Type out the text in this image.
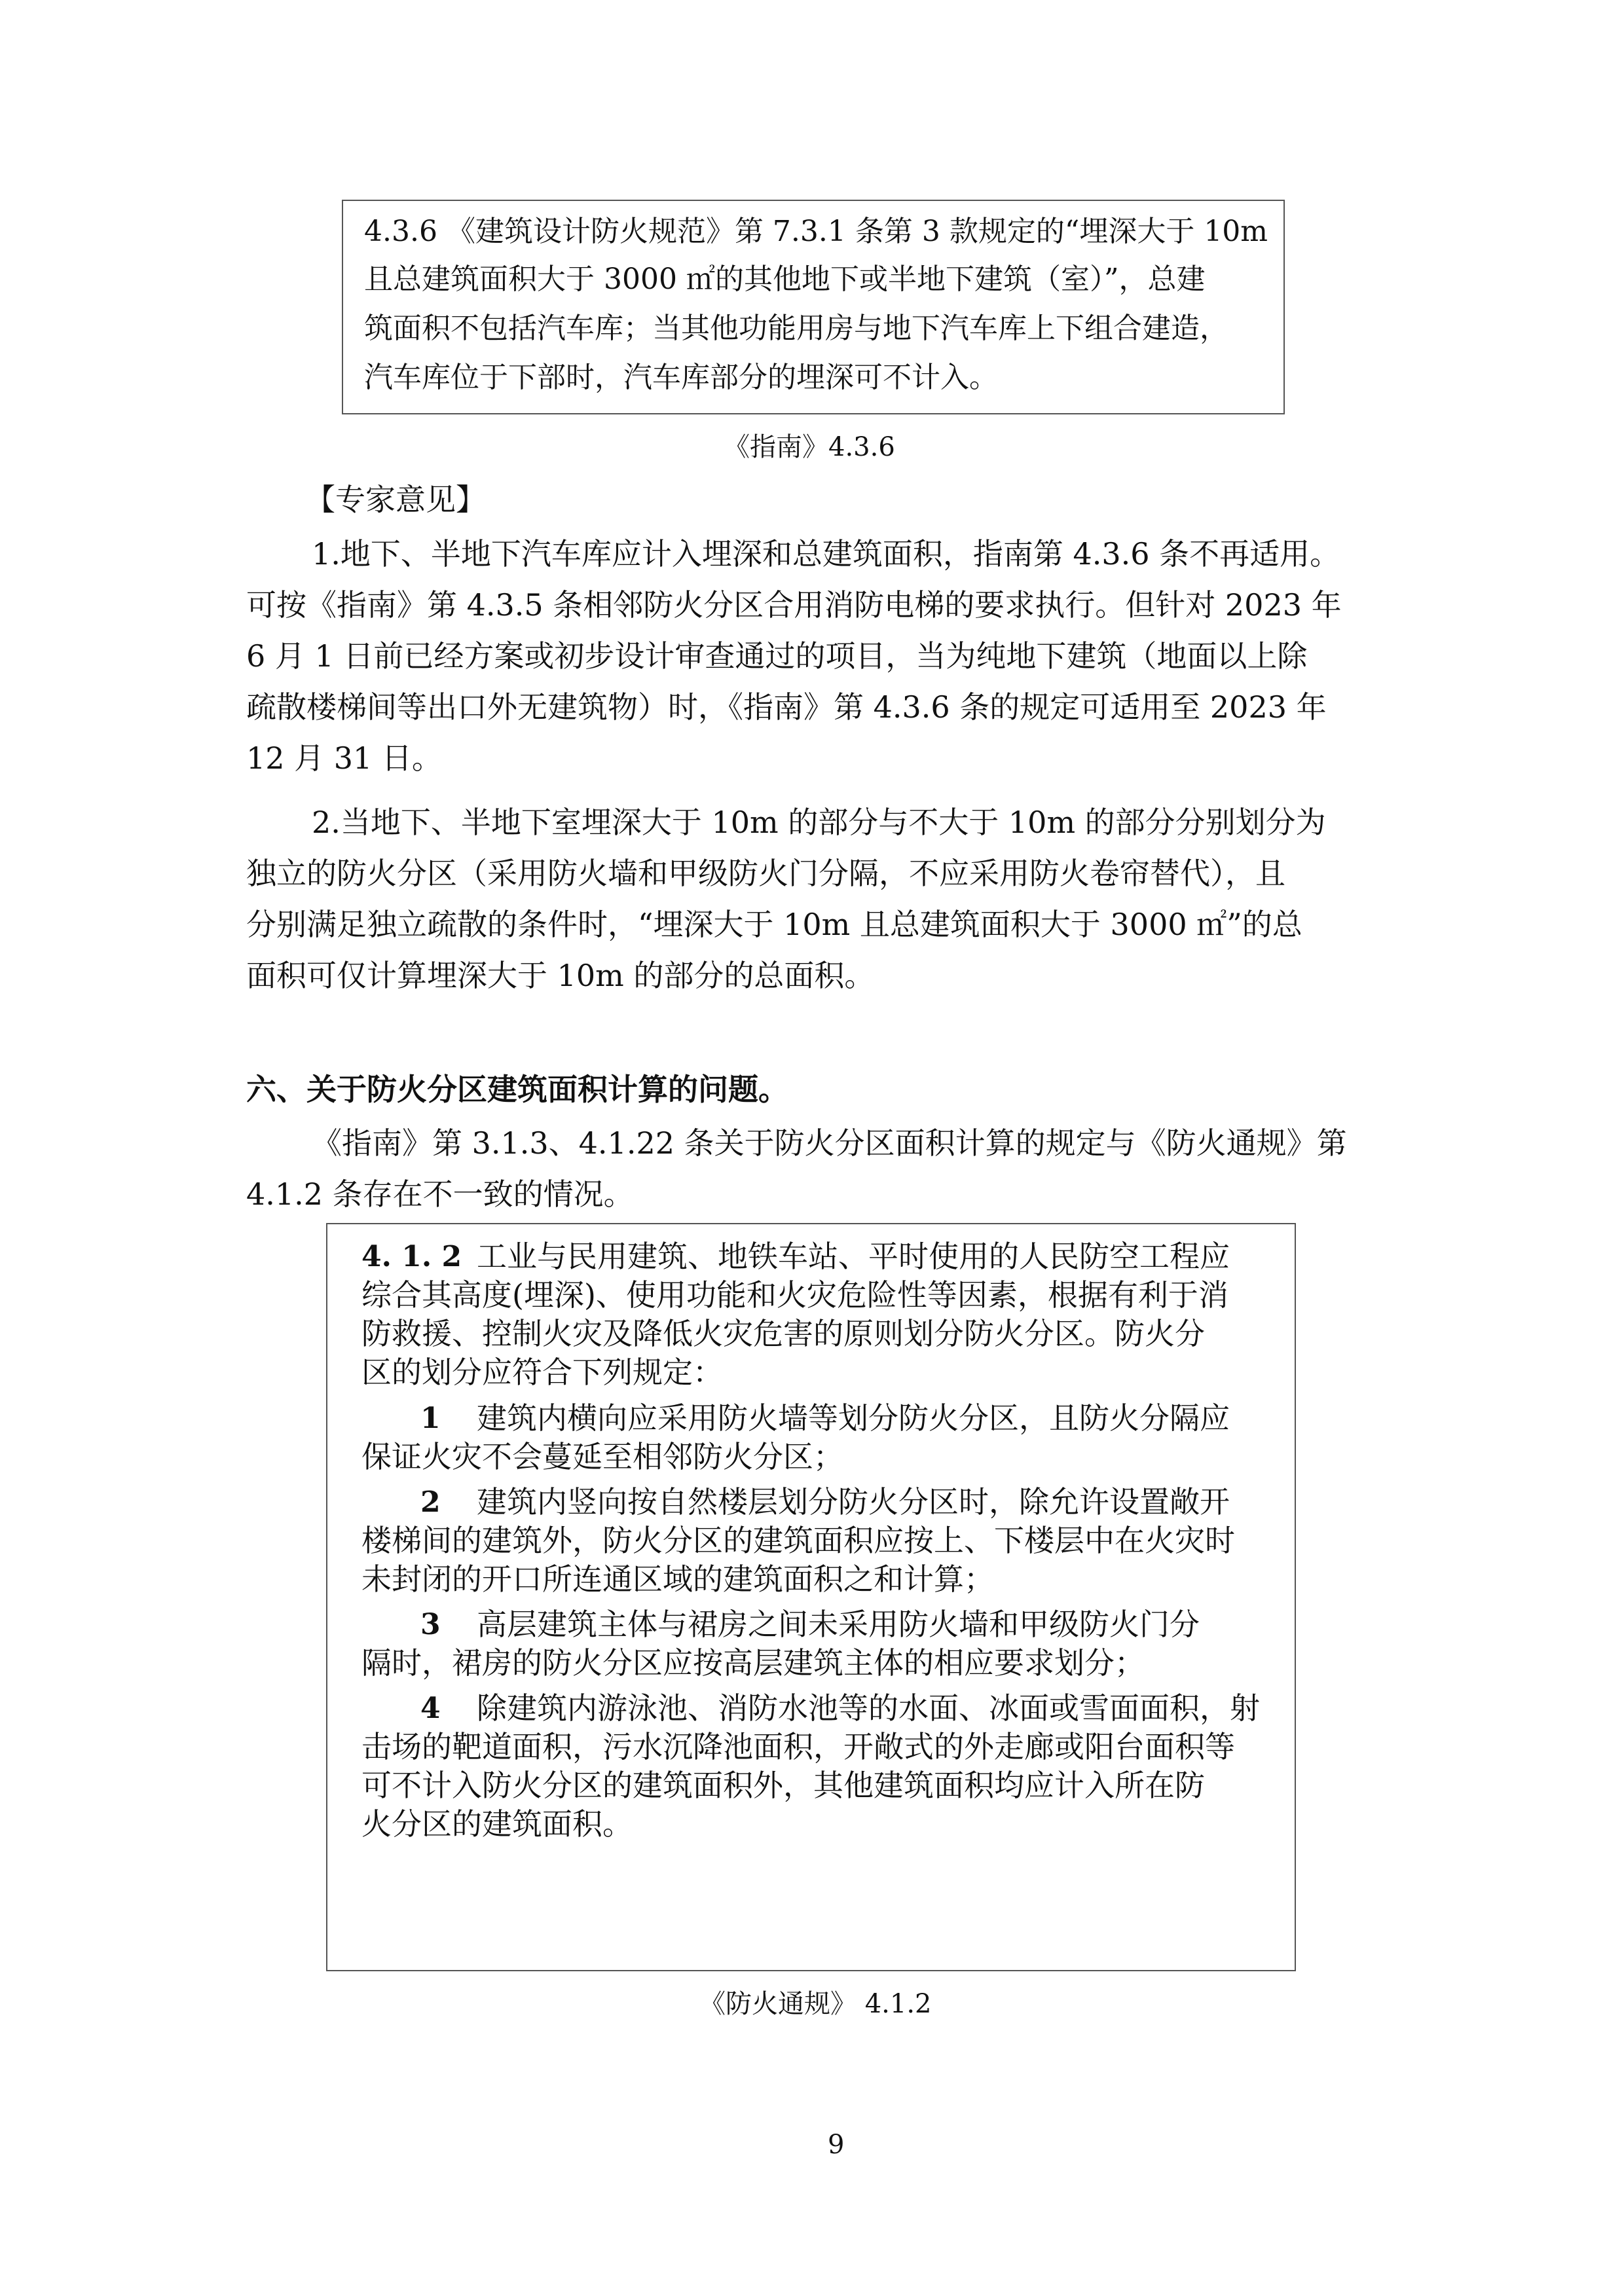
4.3.6 《建筑设计防火规范》第 7.3.1 条第 3 款规定的“埋深大于 10m
且总建筑面积大于 3000 ㎡的其他地下或半地下建筑（室）”，总建
筑面积不包括汽车库；当其他功能用房与地下汽车库上下组合建造，
汽车库位于下部时，汽车库部分的埋深可不计入。
《指南》4.3.6
【专家意见】
1.地下、半地下汽车库应计入埋深和总建筑面积，指南第 4.3.6 条不再适用。
可按《指南》第 4.3.5 条相邻防火分区合用消防电梯的要求执行。但针对 2023 年
6 月 1 日前已经方案或初步设计审查通过的项目，当为纯地下建筑（地面以上除
疏散楼梯间等出口外无建筑物）时，《指南》第 4.3.6 条的规定可适用至 2023 年
12 月 31 日。
2.当地下、半地下室埋深大于 10m 的部分与不大于 10m 的部分分别划分为
独立的防火分区（采用防火墙和甲级防火门分隔，不应采用防火卷帘替代），且
分别满足独立疏散的条件时，“埋深大于 10m 且总建筑面积大于 3000 ㎡”的总
面积可仅计算埋深大于 10m 的部分的总面积。
六、关于防火分区建筑面积计算的问题。
《指南》第 3.1.3、4.1.22 条关于防火分区面积计算的规定与《防火通规》第
4.1.2 条存在不一致的情况。
4. 1. 2 工业与民用建筑、地铁车站、平时使用的人民防空工程应
综合其高度(埋深)、使用功能和火灾危险性等因素，根据有利于消
防救援、控制火灾及降低火灾危害的原则划分防火分区。防火分
区的划分应符合下列规定：
1 建筑内横向应采用防火墙等划分防火分区，且防火分隔应
保证火灾不会蔓延至相邻防火分区；
2 建筑内竖向按自然楼层划分防火分区时，除允许设置敞开
楼梯间的建筑外，防火分区的建筑面积应按上、下楼层中在火灾时
未封闭的开口所连通区域的建筑面积之和计算；
3 高层建筑主体与裙房之间未采用防火墙和甲级防火门分
隔时，裙房的防火分区应按高层建筑主体的相应要求划分；
4 除建筑内游泳池、消防水池等的水面、冰面或雪面面积，射
击场的靶道面积，污水沉降池面积，开敞式的外走廊或阳台面积等
可不计入防火分区的建筑面积外，其他建筑面积均应计入所在防
火分区的建筑面积。
《防火通规》 4.1.2
9
